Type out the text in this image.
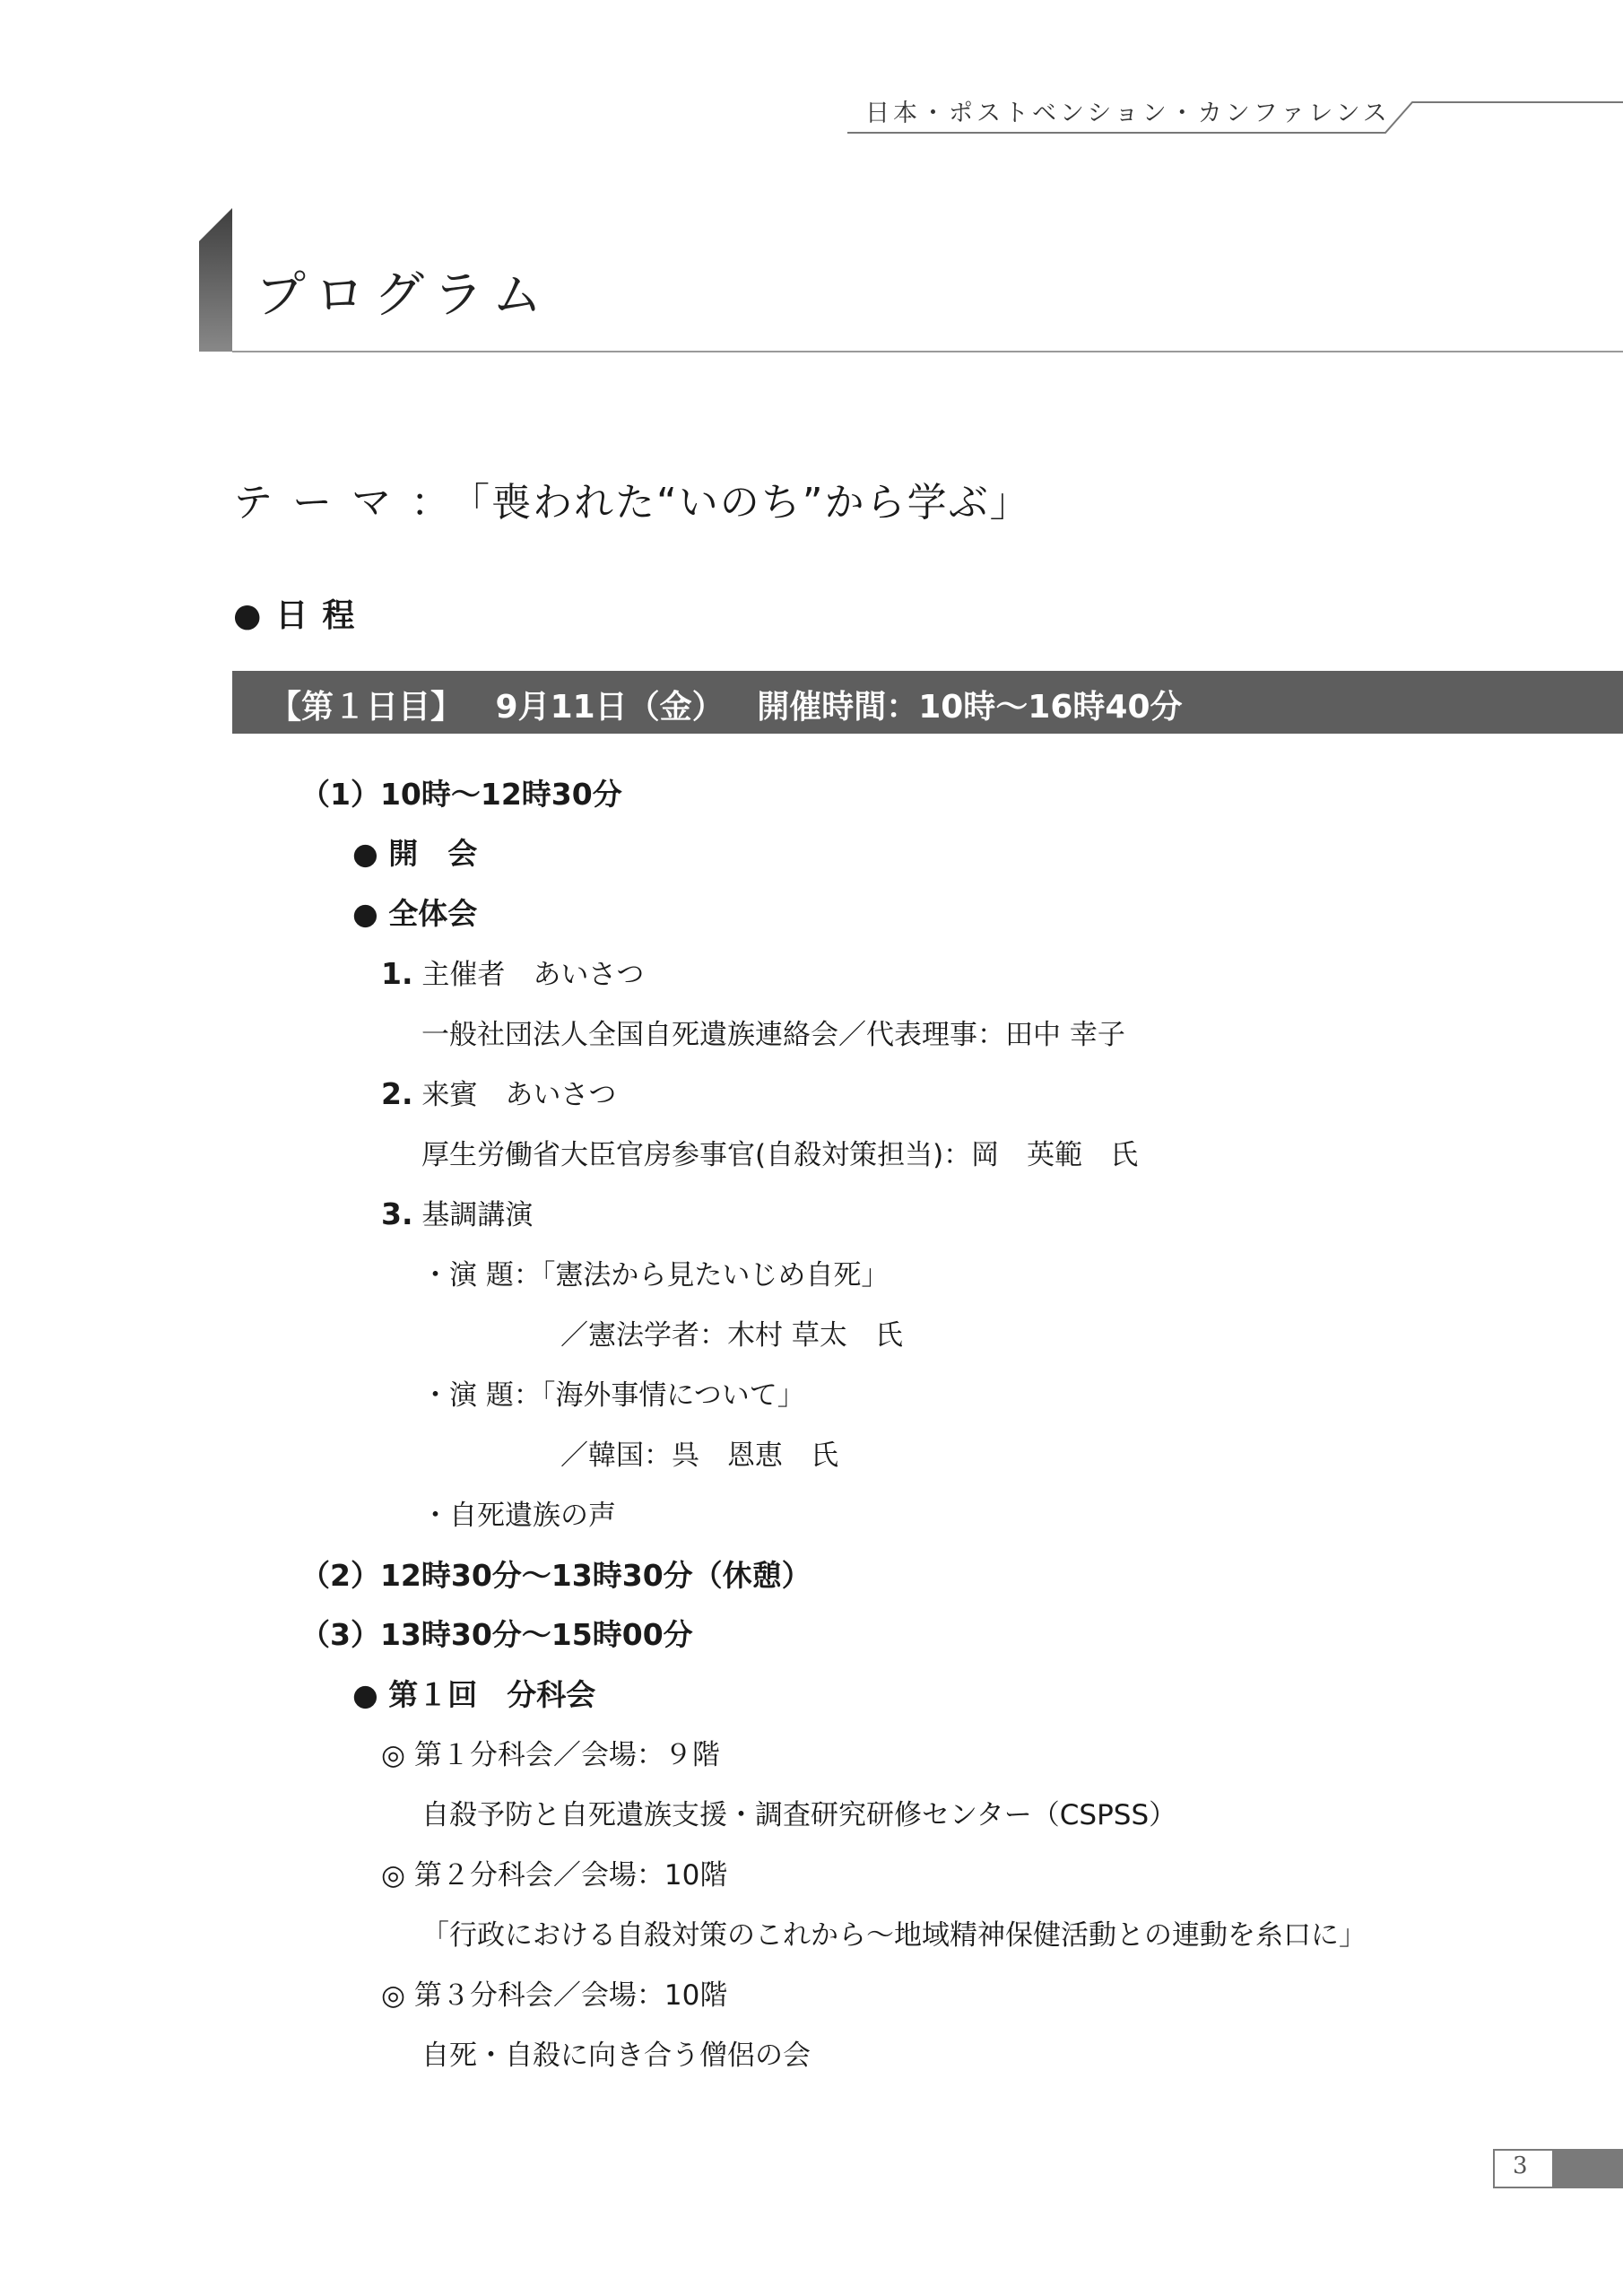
日本・ポストベンション・カンファレンス
プログラム
テーマ：「喪われた“いのち”から学ぶ」
●日程
【第１日目】　 9月11日（金）　 開催時間：10時〜16時40分
（1）10時〜12時30分
● 開　会
● 全体会
1. 主催者　あいさつ
一般社団法人全国自死遺族連絡会／代表理事：田中 幸子
2. 来賓　あいさつ
厚生労働省大臣官房参事官(自殺対策担当)：岡　英範　氏
3. 基調講演
・演 題：「憲法から見たいじめ自死」
／憲法学者：木村 草太　氏
・演 題：「海外事情について」
／韓国：呉　恩恵　氏
・自死遺族の声
（2）12時30分〜13時30分（休憩）
（3）13時30分〜15時00分
● 第１回　分科会
◎ 第１分科会／会場：９階
自殺予防と自死遺族支援・調査研究研修センター（CSPSS）
◎ 第２分科会／会場：10階
「行政における自殺対策のこれから〜地域精神保健活動との連動を糸口に」
◎ 第３分科会／会場：10階
自死・自殺に向き合う僧侶の会
3
